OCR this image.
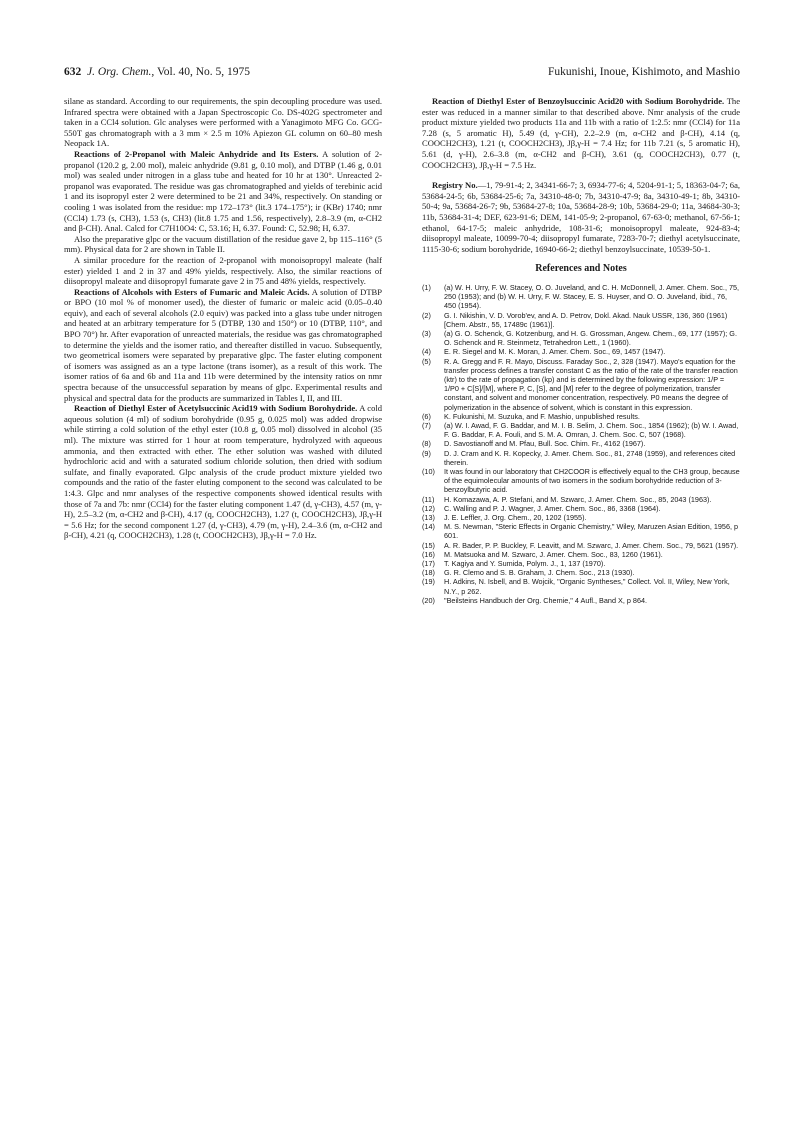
632 J. Org. Chem., Vol. 40, No. 5, 1975	Fukunishi, Inoue, Kishimoto, and Mashio

silane as standard. According to our requirements, the spin decoupling procedure was used. Infrared spectra were obtained with a Japan Spectroscopic Co. DS-402G spectrometer and taken in a CCl4 solution. Glc analyses were performed with a Yanagimoto MFG Co. GCG-550T gas chromatograph with a 3 mm × 2.5 m 10% Apiezon GL column on 60–80 mesh Neopack 1A.

Reactions of 2-Propanol with Maleic Anhydride and Its Esters. A solution of 2-propanol (120.2 g, 2.00 mol), maleic anhydride (9.81 g, 0.10 mol), and DTBP (1.46 g, 0.01 mol) was sealed under nitrogen in a glass tube and heated for 10 hr at 130°. Unreacted 2-propanol was evaporated. The residue was gas chromatographed and yields of terebinic acid 1 and its isopropyl ester 2 were determined to be 21 and 34%, respectively. On standing or cooling 1 was isolated from the residue: mp 172–173° (lit.3 174–175°); ir (KBr) 1740; nmr (CCl4) 1.73 (s, CH3), 1.53 (s, CH3) (lit.8 1.75 and 1.56, respectively), 2.8–3.9 (m, α-CH2 and β-CH). Anal. Calcd for C7H10O4: C, 53.16; H, 6.37. Found: C, 52.98; H, 6.37.

Also the preparative glpc or the vacuum distillation of the residue gave 2, bp 115–116° (5 mm). Physical data for 2 are shown in Table II.

A similar procedure for the reaction of 2-propanol with monoisopropyl maleate (half ester) yielded 1 and 2 in 37 and 49% yields, respectively. Also, the similar reactions of diisopropyl maleate and diisopropyl fumarate gave 2 in 75 and 48% yields, respectively.

Reactions of Alcohols with Esters of Fumaric and Maleic Acids. A solution of DTBP or BPO (10 mol % of monomer used), the diester of fumaric or maleic acid (0.05–0.40 equiv), and each of several alcohols (2.0 equiv) was packed into a glass tube under nitrogen and heated at an arbitrary temperature for 5 (DTBP, 130 and 150°) or 10 (DTBP, 110°, and BPO 70°) hr. After evaporation of unreacted materials, the residue was gas chromatographed to determine the yields and the isomer ratio, and thereafter distilled in vacuo. Subsequently, two geometrical isomers were separated by preparative glpc. The faster eluting component of isomers was assigned as an a type lactone (trans isomer), as a result of this work. The isomer ratios of 6a and 6b and 11a and 11b were determined by the intensity ratios on nmr spectra because of the unsuccessful separation by means of glpc. Experimental results and physical and spectral data for the products are summarized in Tables I, II, and III.

Reaction of Diethyl Ester of Acetylsuccinic Acid19 with Sodium Borohydride. A cold aqueous solution (4 ml) of sodium borohydride (0.95 g, 0.025 mol) was added dropwise while stirring a cold solution of the ethyl ester (10.8 g, 0.05 mol) dissolved in alcohol (35 ml). The mixture was stirred for 1 hour at room temperature, hydrolyzed with aqueous ammonia, and then extracted with ether. The ether solution was washed with diluted hydrochloric acid and with a saturated sodium chloride solution, then dried with sodium sulfate, and finally evaporated. Glpc analysis of the crude product mixture yielded two compounds and the ratio of the faster eluting component to the second was calculated to be 1:4.3. Glpc and nmr analyses of the respective components showed identical results with those of 7a and 7b: nmr (CCl4) for the faster eluting component 1.47 (d, γ-CH3), 4.57 (m, γ-H), 2.5–3.2 (m, α-CH2 and β-CH), 4.17 (q, COOCH2CH3), 1.27 (t, COOCH2CH3), Jβ,γ-H = 5.6 Hz; for the second component 1.27 (d, γ-CH3), 4.79 (m, γ-H), 2.4–3.6 (m, α-CH2 and β-CH), 4.21 (q, COOCH2CH3), 1.28 (t, COOCH2CH3), Jβ,γ-H = 7.0 Hz.

Reaction of Diethyl Ester of Benzoylsuccinic Acid20 with Sodium Borohydride. The ester was reduced in a manner similar to that described above. Nmr analysis of the crude product mixture yielded two products 11a and 11b with a ratio of 1:2.5: nmr (CCl4) for 11a 7.28 (s, 5 aromatic H), 5.49 (d, γ-CH), 2.2–2.9 (m, α-CH2 and β-CH), 4.14 (q, COOCH2CH3), 1.21 (t, COOCH2CH3), Jβ,γ-H = 7.4 Hz; for 11b 7.21 (s, 5 aromatic H), 5.61 (d, γ-H), 2.6–3.8 (m, α-CH2 and β-CH), 3.61 (q, COOCH2CH3), 0.77 (t, COOCH2CH3), Jβ,γ-H = 7.5 Hz.

Registry No.—1, 79-91-4; 2, 34341-66-7; 3, 6934-77-6; 4, 5204-91-1; 5, 18363-04-7; 6a, 53684-24-5; 6b, 53684-25-6; 7a, 34310-48-0; 7b, 34310-47-9; 8a, 34310-49-1; 8b, 34310-50-4; 9a, 53684-26-7; 9b, 53684-27-8; 10a, 53684-28-9; 10b, 53684-29-0; 11a, 34684-30-3; 11b, 53684-31-4; DEF, 623-91-6; DEM, 141-05-9; 2-propanol, 67-63-0; methanol, 67-56-1; ethanol, 64-17-5; maleic anhydride, 108-31-6; monoisopropyl maleate, 924-83-4; diisopropyl maleate, 10099-70-4; diisopropyl fumarate, 7283-70-7; diethyl acetylsuccinate, 1115-30-6; sodium borohydride, 16940-66-2; diethyl benzoylsuccinate, 10539-50-1.

References and Notes
(1)	(a) W. H. Urry, F. W. Stacey, O. O. Juveland, and C. H. McDonnell, J. Amer. Chem. Soc., 75, 250 (1953); and (b) W. H. Urry, F. W. Stacey, E. S. Huyser, and O. O. Juveland, ibid., 76, 450 (1954).
(2)	G. I. Nikishin, V. D. Vorob'ev, and A. D. Petrov, Dokl. Akad. Nauk USSR, 136, 360 (1961) [Chem. Abstr., 55, 17489c (1961)].
(3)	(a) G. O. Schenck, G. Kotzenburg, and H. G. Grossman, Angew. Chem., 69, 177 (1957); G. O. Schenck and R. Steinmetz, Tetrahedron Lett., 1 (1960).
(4)	E. R. Siegel and M. K. Moran, J. Amer. Chem. Soc., 69, 1457 (1947).
(5)	R. A. Gregg and F. R. Mayo, Discuss. Faraday Soc., 2, 328 (1947). Mayo's equation for the transfer process defines a transfer constant C as the ratio of the rate of the transfer reaction (ktr) to the rate of propagation (kp) and is determined by the following expression: 1/P = 1/P0 + C[S]/[M], where P, C, [S], and [M] refer to the degree of polymerization, transfer constant, and solvent and monomer concentration, respectively. P0 means the degree of polymerization in the absence of solvent, which is constant in this expression.
(6)	K. Fukunishi, M. Suzuka, and F. Mashio, unpublished results.
(7)	(a) W. I. Awad, F. G. Baddar, and M. I. B. Selim, J. Chem. Soc., 1854 (1962); (b) W. I. Awad, F. G. Baddar, F. A. Fouli, and S. M. A. Omran, J. Chem. Soc. C, 507 (1968).
(8)	D. Savostianoff and M. Pfau, Bull. Soc. Chim. Fr., 4162 (1967).
(9)	D. J. Cram and K. R. Kopecky, J. Amer. Chem. Soc., 81, 2748 (1959), and references cited therein.
(10)	It was found in our laboratory that CH2COOR is effectively equal to the CH3 group, because of the equimolecular amounts of two isomers in the sodium borohydride reduction of 3-benzoylbutyric acid.
(11)	H. Komazawa, A. P. Stefani, and M. Szwarc, J. Amer. Chem. Soc., 85, 2043 (1963).
(12)	C. Walling and P. J. Wagner, J. Amer. Chem. Soc., 86, 3368 (1964).
(13)	J. E. Leffler, J. Org. Chem., 20, 1202 (1955).
(14)	M. S. Newman, "Steric Effects in Organic Chemistry," Wiley, Maruzen Asian Edition, 1956, p 601.
(15)	A. R. Bader, P. P. Buckley, F. Leavitt, and M. Szwarc, J. Amer. Chem. Soc., 79, 5621 (1957).
(16)	M. Matsuoka and M. Szwarc, J. Amer. Chem. Soc., 83, 1260 (1961).
(17)	T. Kagiya and Y. Sumida, Polym. J., 1, 137 (1970).
(18)	G. R. Clemo and S. B. Graham, J. Chem. Soc., 213 (1930).
(19)	H. Adkins, N. Isbell, and B. Wojcik, "Organic Syntheses," Collect. Vol. II, Wiley, New York, N.Y., p 262.
(20)	"Beilsteins Handbuch der Org. Chemie," 4 Aufl., Band X, p 864.
